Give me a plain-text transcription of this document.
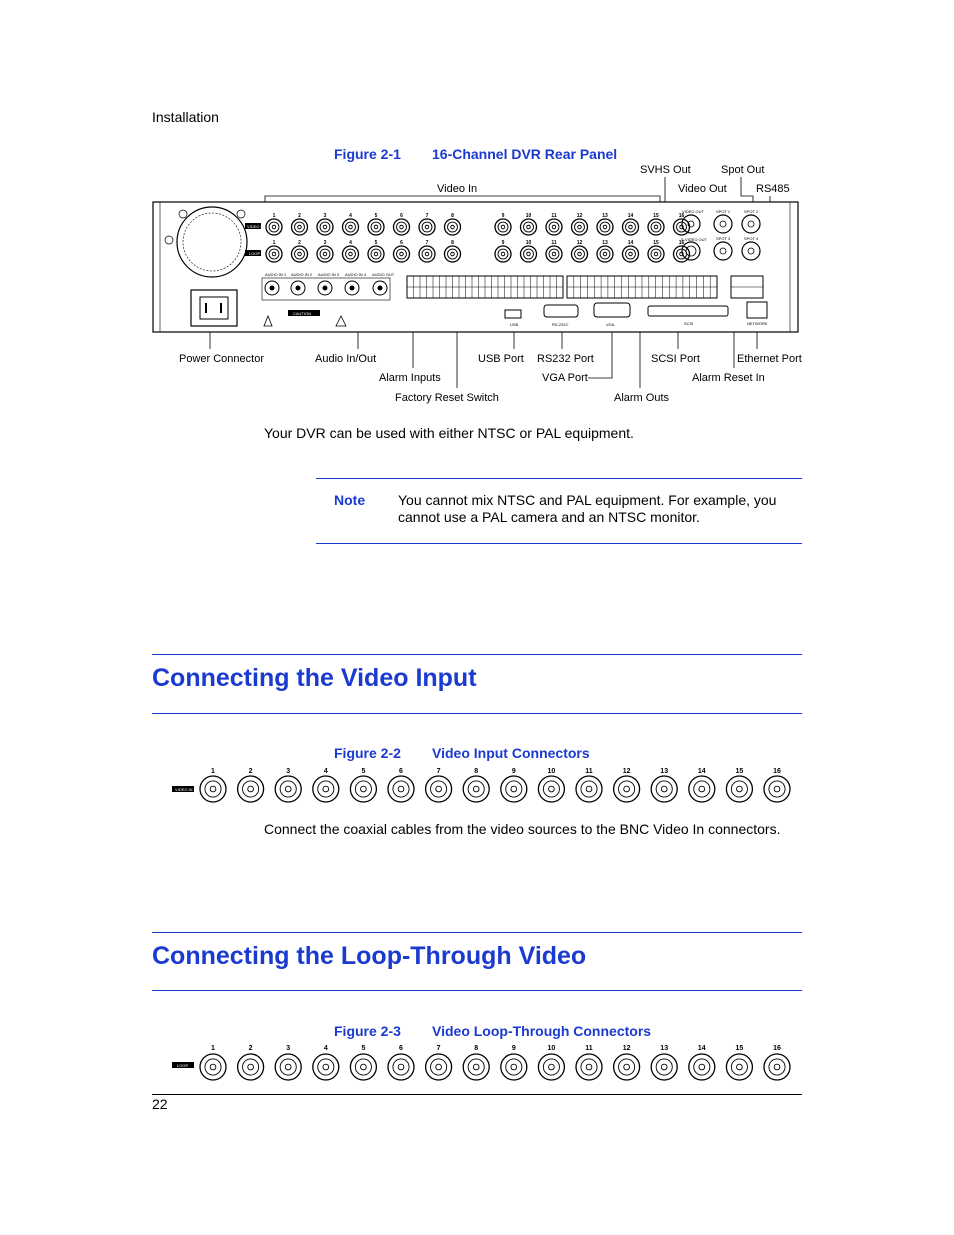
Installation
Figure 2-1 16-Channel DVR Rear Panel
SVHS Out	Spot Out
Video In	Video Out	RS485
Power Connector	Audio In/Out	USB Port RS232 Port	SCSI Port	Ethernet Port
Alarm Inputs	VGA Port	Alarm Reset In
Factory Reset Switch	Alarm Outs
1	2	3	4	5	6	7	8	9	10	11	12	13	14	15	16
1	2	3	4	5	6	7	8	9	10	11	12	13	14	15	16
VIDEO IN
LOOP
CAUTION
USB	RS-232C	VGA	SCSI	NETWORK
VIDEO OUT
S-VIDEO OUT
SPOT 1	SPOT 2
SPOT 3	SPOT 4
AUDIO IN 1 AUDIO IN 2 AUDIO IN 3 AUDIO IN 4 AUDIO OUT
Your DVR can be used with either NTSC or PAL equipment.
Note You cannot mix NTSC and PAL equipment. For example, you cannot use a PAL camera and an NTSC monitor.
Connecting the Video Input
Figure 2-2 Video Input Connectors
VIDEO IN
1	2	3	4	5	6	7	8	9	10	11	12	13	14	15	16
Connect the coaxial cables from the video sources to the BNC Video In connectors.
Connecting the Loop-Through Video
Figure 2-3 Video Loop-Through Connectors
LOOP
1	2	3	4	5	6	7	8	9	10	11	12	13	14	15	16
22
